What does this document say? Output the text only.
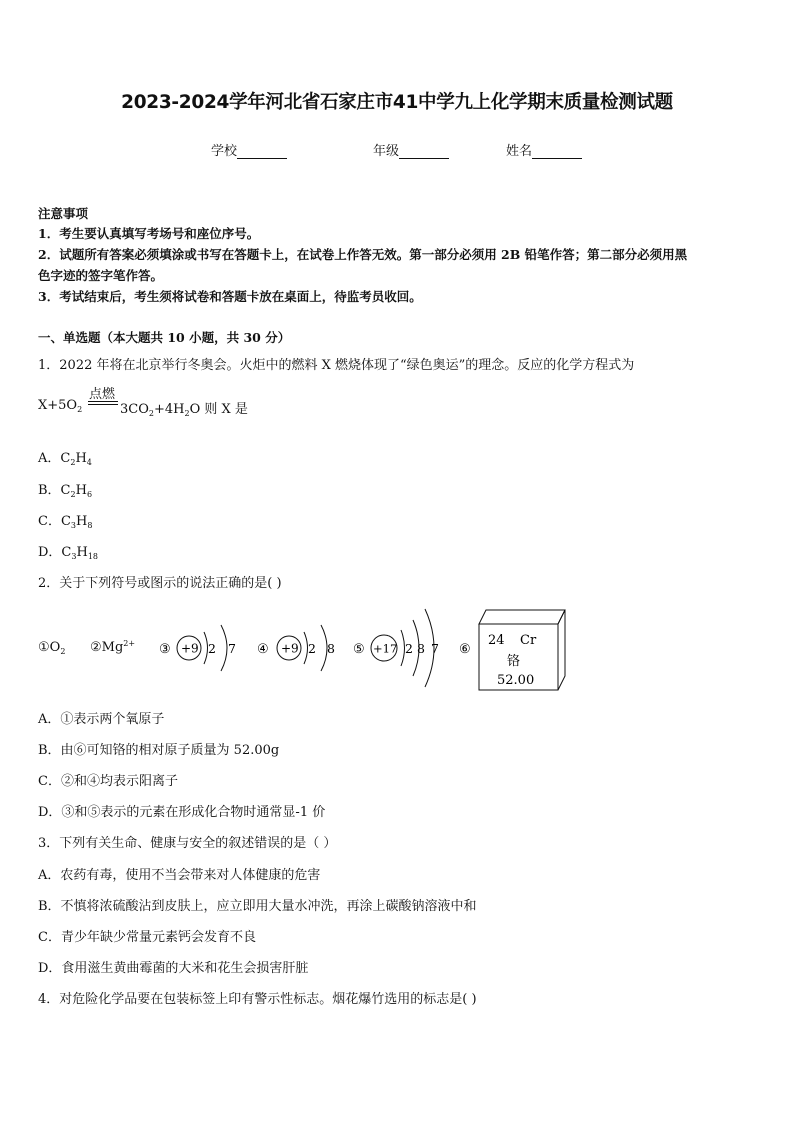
2023-2024学年河北省石家庄市41中学九上化学期末质量检测试题
学校	年级	姓名
注意事项
1．考生要认真填写考场号和座位序号。
2．试题所有答案必须填涂或书写在答题卡上，在试卷上作答无效。第一部分必须用 2B 铅笔作答；第二部分必须用黑
色字迹的签字笔作答。
3．考试结束后，考生须将试卷和答题卡放在桌面上，待监考员收回。
一、单选题（本大题共 10 小题，共 30 分）
1．2022 年将在北京举行冬奥会。火炬中的燃料 X 燃烧体现了“绿色奥运”的理念。反应的化学方程式为
点燃
$X+5O_2$	$3CO_2+4H_2O$ 则 X 是
A．$C_2H_4$
B．$C_2H_6$
C．$C_3H_8$
D．$C_3H_{18}$
2．关于下列符号或图示的说法正确的是( )
$①O_2$ $②Mg^{2+}$ ③ +9 2 7 ④ +9 2 8 ⑤ +17 2 8 7 ⑥
24 Cr
铬
52.00
A．①表示两个氧原子
B．由⑥可知铬的相对原子质量为 52.00g
C．②和④均表示阳离子
D．③和⑤表示的元素在形成化合物时通常显-1 价
3．下列有关生命、健康与安全的叙述错误的是（ ）
A．农药有毒，使用不当会带来对人体健康的危害
B．不慎将浓硫酸沾到皮肤上，应立即用大量水冲洗，再涂上碳酸钠溶液中和
C．青少年缺少常量元素钙会发育不良
D．食用滋生黄曲霉菌的大米和花生会损害肝脏
4．对危险化学品要在包装标签上印有警示性标志。烟花爆竹选用的标志是( )
